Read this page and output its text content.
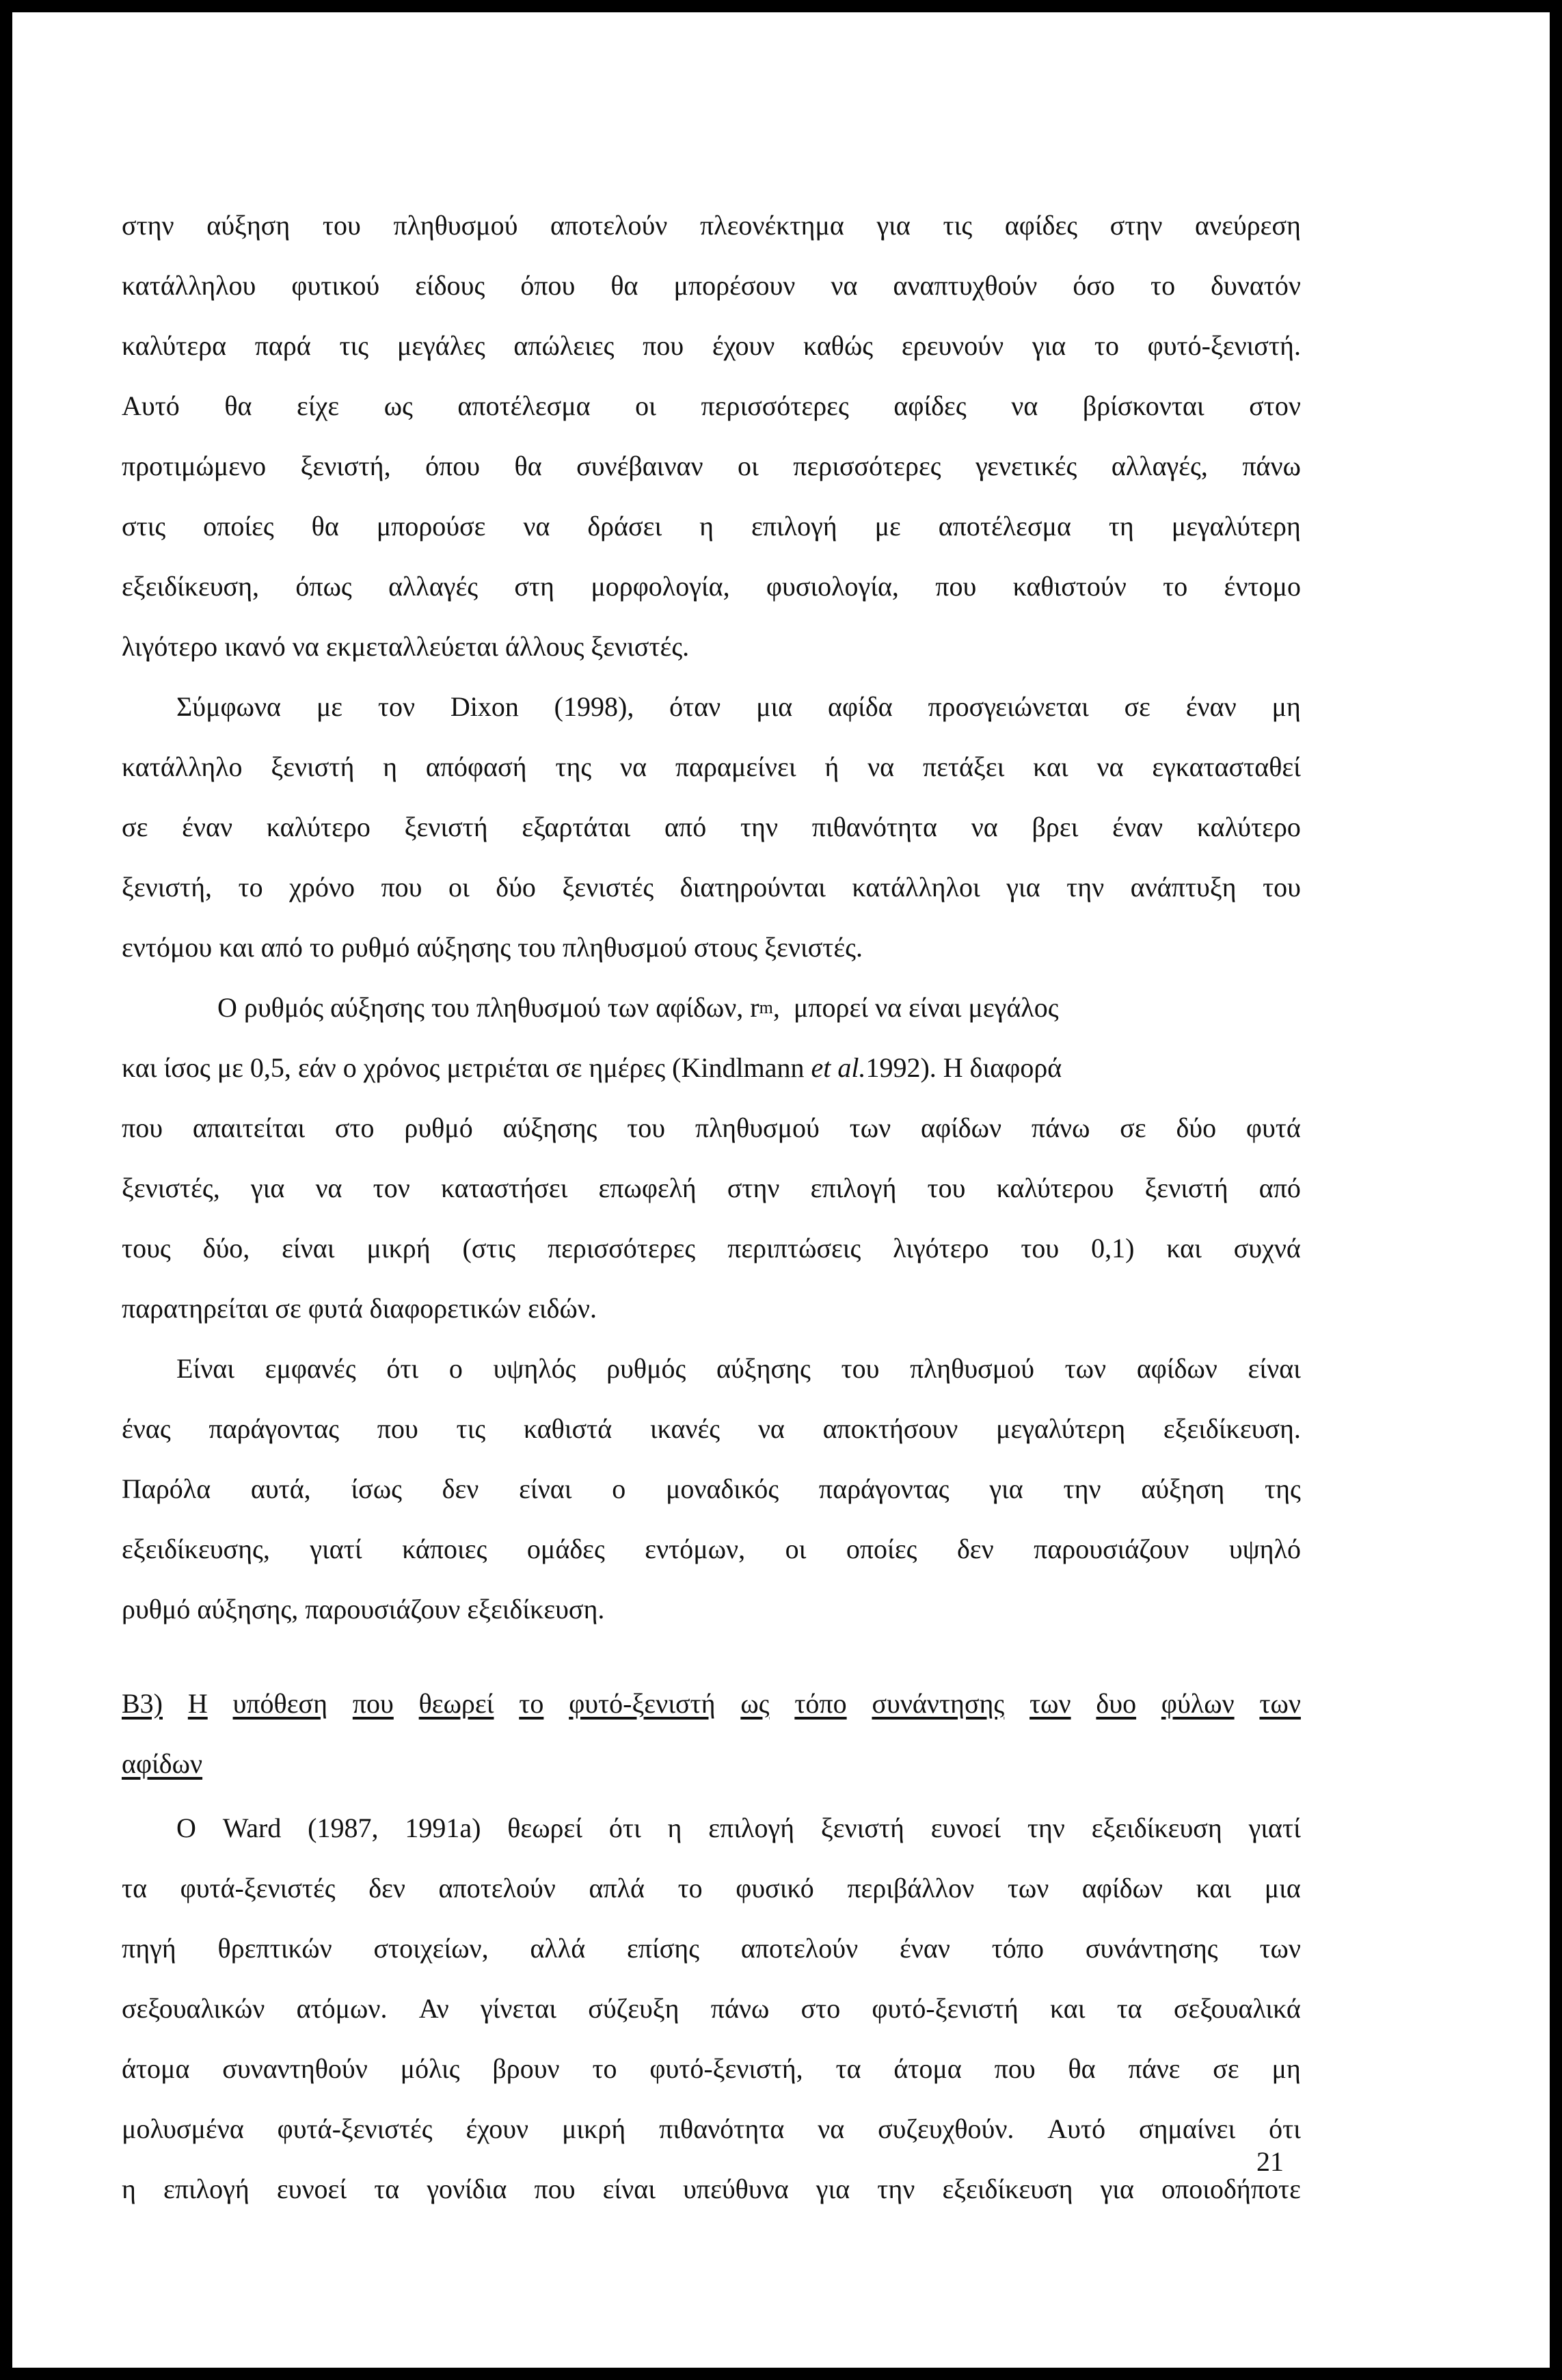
στην αύξηση του πληθυσμού αποτελούν πλεονέκτημα για τις αφίδες στην ανεύρεση
κατάλληλου φυτικού είδους όπου θα μπορέσουν να αναπτυχθούν όσο το δυνατόν
καλύτερα παρά τις μεγάλες απώλειες που έχουν καθώς ερευνούν για το φυτό-ξενιστή.
Αυτό θα είχε ως αποτέλεσμα οι περισσότερες αφίδες να βρίσκονται στον
προτιμώμενο ξενιστή, όπου θα συνέβαιναν οι περισσότερες γενετικές αλλαγές, πάνω
στις οποίες θα μπορούσε να δράσει η επιλογή με αποτέλεσμα τη μεγαλύτερη
εξειδίκευση, όπως αλλαγές στη μορφολογία, φυσιολογία, που καθιστούν το έντομο
λιγότερο ικανό να εκμεταλλεύεται άλλους ξενιστές.
Σύμφωνα με τον Dixon (1998), όταν μια αφίδα προσγειώνεται σε έναν μη
κατάλληλο ξενιστή η απόφασή της να παραμείνει ή να πετάξει και να εγκατασταθεί
σε έναν καλύτερο ξενιστή εξαρτάται από την πιθανότητα να βρει έναν καλύτερο
ξενιστή, το χρόνο που οι δύο ξενιστές διατηρούνται κατάλληλοι για την ανάπτυξη του
εντόμου και από το ρυθμό αύξησης του πληθυσμού στους ξενιστές.
Ο ρυθμός αύξησης του πληθυσμού των αφίδων, r m ,  μπορεί να είναι μεγάλος
και ίσος με 0,5, εάν ο χρόνος μετριέται σε ημέρες (Kindlmann et al. 1992). Η διαφορά
που απαιτείται στο ρυθμό αύξησης του πληθυσμού των αφίδων πάνω σε δύο φυτά
ξενιστές, για να τον καταστήσει επωφελή στην επιλογή του καλύτερου ξενιστή από
τους δύο, είναι μικρή (στις περισσότερες περιπτώσεις λιγότερο του 0,1) και συχνά
παρατηρείται σε φυτά διαφορετικών ειδών.
Είναι εμφανές ότι ο υψηλός ρυθμός αύξησης του πληθυσμού των αφίδων είναι
ένας παράγοντας που τις καθιστά ικανές να αποκτήσουν μεγαλύτερη εξειδίκευση.
Παρόλα αυτά, ίσως δεν είναι ο μοναδικός παράγοντας για την αύξηση της
εξειδίκευσης, γιατί κάποιες ομάδες εντόμων, οι οποίες δεν παρουσιάζουν υψηλό
ρυθμό αύξησης, παρουσιάζουν εξειδίκευση.
B3) Η υπόθεση που θεωρεί το φυτό-ξενιστή ως τόπο συνάντησης των δυο φύλων των
αφίδων
Ο Ward (1987, 1991a) θεωρεί ότι η επιλογή ξενιστή ευνοεί την εξειδίκευση γιατί
τα φυτά-ξενιστές δεν αποτελούν απλά το φυσικό περιβάλλον των αφίδων και μια
πηγή θρεπτικών στοιχείων, αλλά επίσης αποτελούν έναν τόπο συνάντησης των
σεξουαλικών ατόμων. Αν γίνεται σύζευξη πάνω στο φυτό-ξενιστή και τα σεξουαλικά
άτομα συναντηθούν μόλις βρουν το φυτό-ξενιστή, τα άτομα που θα πάνε σε μη
μολυσμένα φυτά-ξενιστές έχουν μικρή πιθανότητα να συζευχθούν. Αυτό σημαίνει ότι
η επιλογή ευνοεί τα γονίδια που είναι υπεύθυνα για την εξειδίκευση για οποιοδήποτε
21
